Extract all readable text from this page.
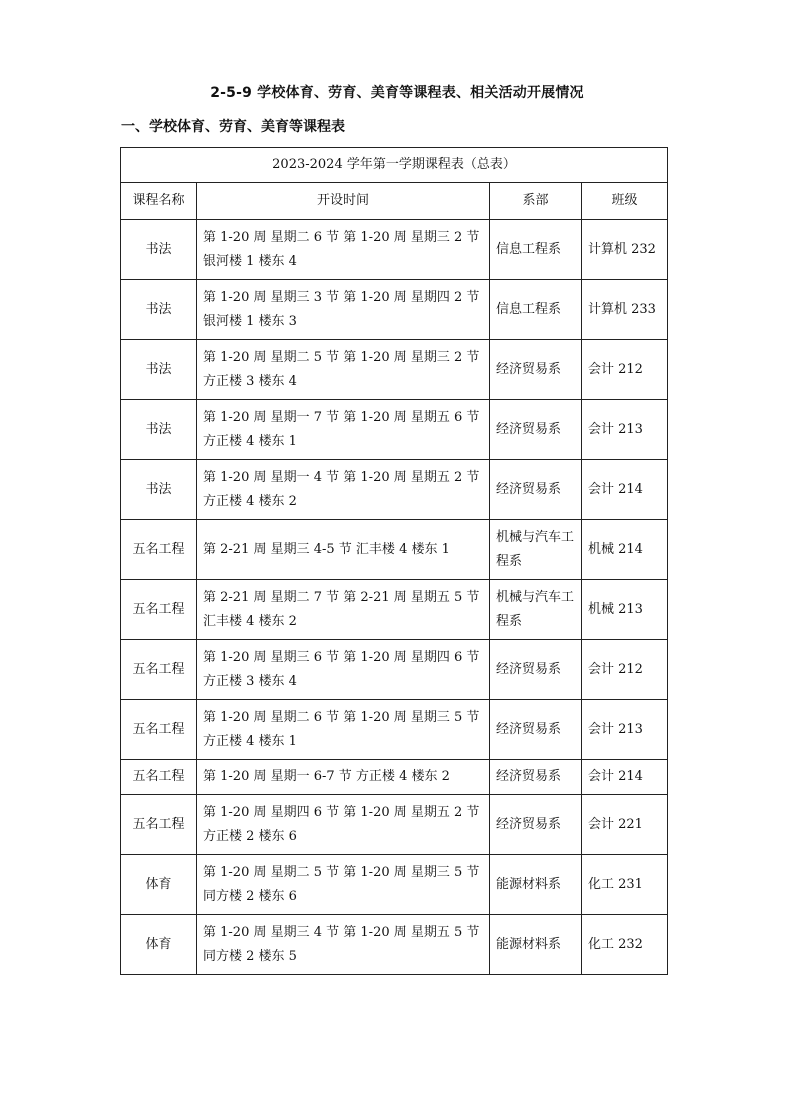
2-5-9 学校体育、劳育、美育等课程表、相关活动开展情况
一、学校体育、劳育、美育等课程表
2023-2024 学年第一学期课程表（总表）			
课程名称	开设时间	系部	班级
书法	第 1-20 周 星期二 6 节 第 1-20 周 星期三 2 节 银河楼 1 楼东 4	信息工程系	计算机 232
书法	第 1-20 周 星期三 3 节 第 1-20 周 星期四 2 节 银河楼 1 楼东 3	信息工程系	计算机 233
书法	第 1-20 周 星期二 5 节 第 1-20 周 星期三 2 节 方正楼 3 楼东 4	经济贸易系	会计 212
书法	第 1-20 周 星期一 7 节 第 1-20 周 星期五 6 节 方正楼 4 楼东 1	经济贸易系	会计 213
书法	第 1-20 周 星期一 4 节 第 1-20 周 星期五 2 节 方正楼 4 楼东 2	经济贸易系	会计 214
五名工程	第 2-21 周 星期三 4-5 节 汇丰楼 4 楼东 1	机械与汽车工程系	机械 214
五名工程	第 2-21 周 星期二 7 节 第 2-21 周 星期五 5 节 汇丰楼 4 楼东 2	机械与汽车工程系	机械 213
五名工程	第 1-20 周 星期三 6 节 第 1-20 周 星期四 6 节 方正楼 3 楼东 4	经济贸易系	会计 212
五名工程	第 1-20 周 星期二 6 节 第 1-20 周 星期三 5 节 方正楼 4 楼东 1	经济贸易系	会计 213
五名工程	第 1-20 周 星期一 6-7 节 方正楼 4 楼东 2	经济贸易系	会计 214
五名工程	第 1-20 周 星期四 6 节 第 1-20 周 星期五 2 节 方正楼 2 楼东 6	经济贸易系	会计 221
体育	第 1-20 周 星期二 5 节 第 1-20 周 星期三 5 节 同方楼 2 楼东 6	能源材料系	化工 231
体育	第 1-20 周 星期三 4 节 第 1-20 周 星期五 5 节 同方楼 2 楼东 5	能源材料系	化工 232
